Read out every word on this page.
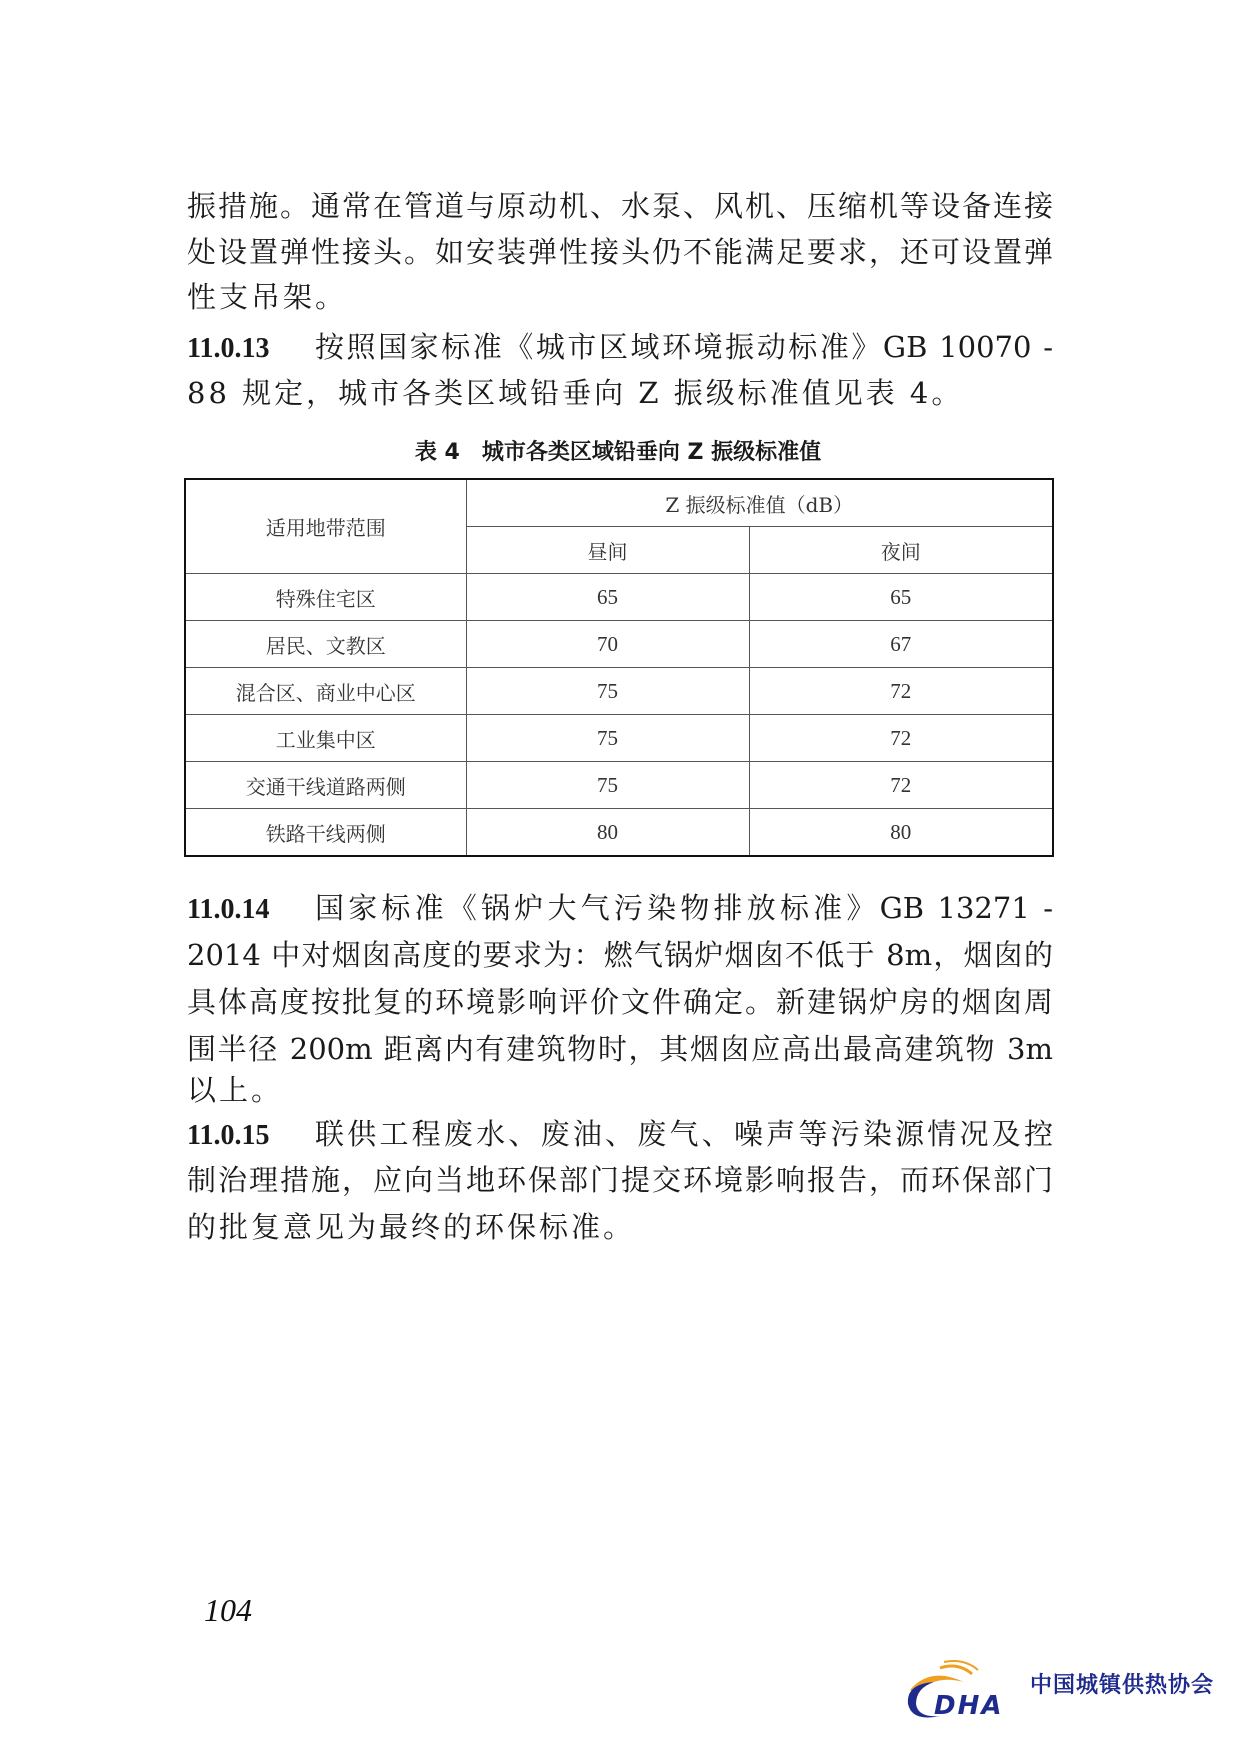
振措施。通常在管道与原动机、水泵、风机、压缩机等设备连接
处设置弹性接头。如安装弹性接头仍不能满足要求，还可设置弹
性支吊架。
11.0.13 按照国家标准《城市区域环境振动标准》GB 10070 -
88 规定，城市各类区域铅垂向 Z 振级标准值见表 4。
表 4 城市各类区域铅垂向 Z 振级标准值
适用地带范围	Z 振级标准值（dB）	
	昼间	夜间
特殊住宅区	65	65
居民、文教区	70	67
混合区、商业中心区	75	72
工业集中区	75	72
交通干线道路两侧	75	72
铁路干线两侧	80	80
11.0.14 国家标准《锅炉大气污染物排放标准》GB 13271 -
2014 中对烟囱高度的要求为：燃气锅炉烟囱不低于 8m，烟囱的
具体高度按批复的环境影响评价文件确定。新建锅炉房的烟囱周
围半径 200m 距离内有建筑物时，其烟囱应高出最高建筑物 3m
以上。
11.0.15 联供工程废水、废油、废气、噪声等污染源情况及控
制治理措施，应向当地环保部门提交环境影响报告，而环保部门
的批复意见为最终的环保标准。
104
DHA
中国城镇供热协会
